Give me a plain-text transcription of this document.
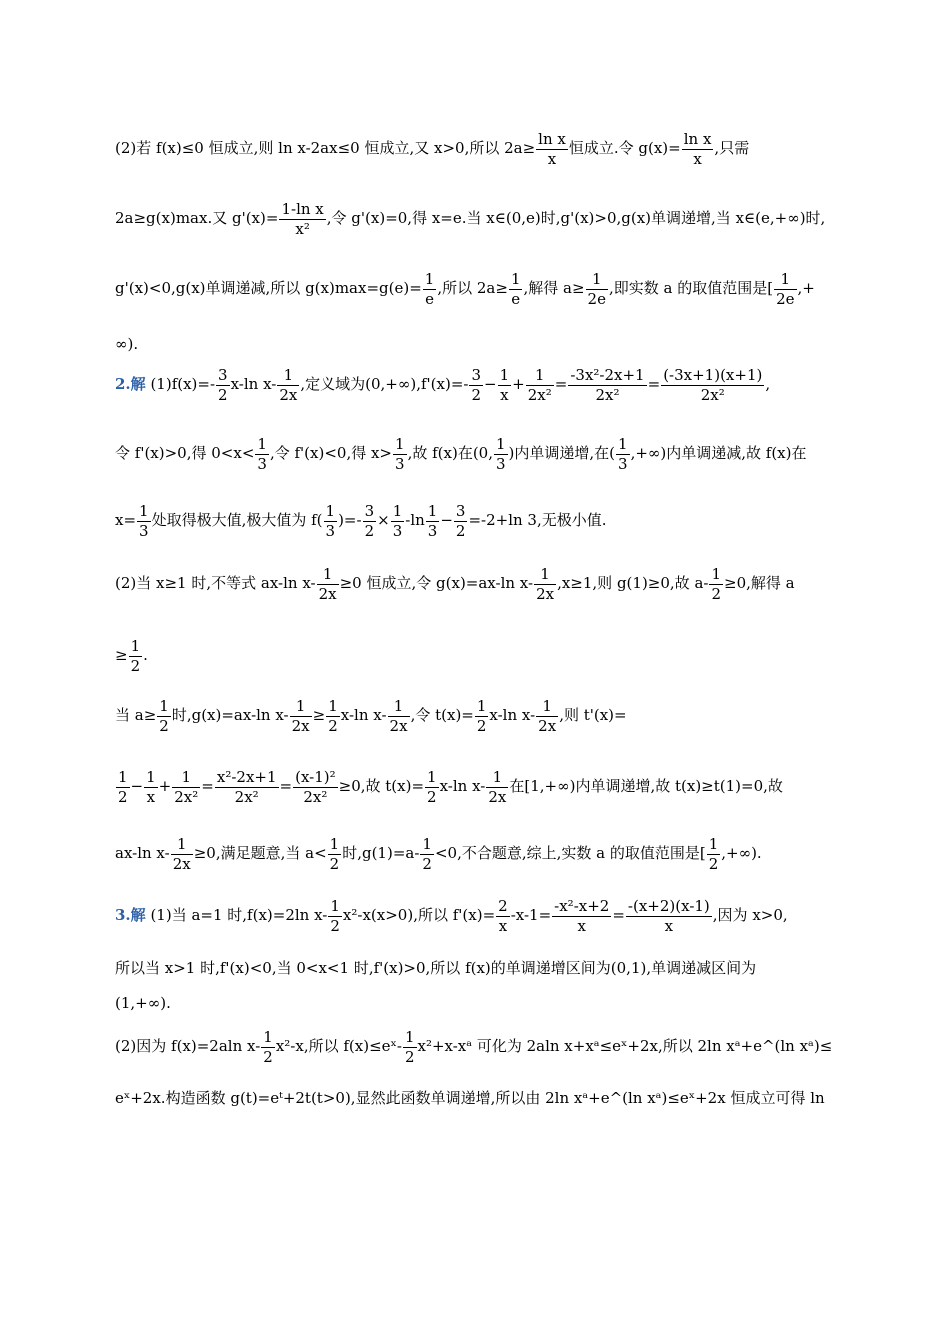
(2)若 f(x)≤0 恒成立,则 ln x-2ax≤0 恒成立,又 x>0,所以 $2a\ge \frac{\text{ln x}}{x}$ 恒成立.令 $g(x)= \frac{\text{ln x}}{x}$ ,只需
2a≥g(x)max.又 $g'(x)= \frac{\text{1-ln x}}{\text{x²}}$ ,令 g'(x)=0,得 x=e.当 x∈(0,e)时,g'(x)>0,g(x)单调递增,当 x∈(e,+∞)时,
g'(x)<0,g(x)单调递减,所以 $g(x)\max=g(e)= \frac{1}{e}$ ,所以 $2a\ge \frac{1}{e}$ ,解得 $a\ge \frac{1}{2e}$ ,即实数 a 的取值范围是[ $\frac{1}{2e}$ ,+
∞).
2.解 $(1)f(x)=- \frac{3}{2} x-\ln$ $x- \frac{1}{2x}$ ,定义域为$(0,+\infty),f'(x)=- \frac{3}{2} - \frac{1}{x} + \frac{1}{\text{2x²}} = \frac{\text{-3x²-2x+1}}{\text{2x²}} = \frac{(-3x+1)(x+1)}{\text{2x²}}$ ,
令 f'(x)>0,得 $0<x< \frac{1}{3}$ ,令 f'(x)<0,得 $x> \frac{1}{3}$ ,故 f(x)在(0, $\frac{1}{3}$ )内单调递增,在( $\frac{1}{3}$ ,+∞)内单调递减,故 f(x)在
$x= \frac{1}{3}$ 处取得极大值,极大值为 $f( \frac{1}{3}$ )=- $\frac{3}{2} \times \frac{1}{3} -\ln \frac{1}{3} - \frac{3}{2} =-2+\ln$ 3,无极小值.
(2)当 x≥1 时,不等式 ax-ln $x- \frac{1}{2x} \ge 0$ 恒成立,令 g(x)=ax-ln $x- \frac{1}{2x} ,x\ge 1$,则 g(1)≥0,故 $a- \frac{1}{2} \ge 0$,解得 a
≥ $\frac{1}{2}$ .
当 $a\ge \frac{1}{2}$ 时,g(x)=ax-ln $x- \frac{1}{2x} \ge \frac{1}{2} x-\ln$ $x- \frac{1}{2x}$ ,令 $t(x)= \frac{1}{2} x-\ln$ $x- \frac{1}{2x}$ ,则 t'(x)=
$\frac{1}{2} - \frac{1}{x} + \frac{1}{\text{2x²}} = \frac{\text{x²-2x+1}}{\text{2x²}} = \frac{\text{(x-1)²}}{\text{2x²}} \ge 0$,故 $t(x)= \frac{1}{2} x-\ln$ $x- \frac{1}{2x}$ 在[1,+∞)内单调递增,故 t(x)≥t(1)=0,故
ax-ln $x- \frac{1}{2x} \ge 0$,满足题意,当 $a< \frac{1}{2}$ 时$,g(1)=a- \frac{1}{2} <0$,不合题意,综上,实数 a 的取值范围是[ $\frac{1}{2}$ ,+∞).
3.解 (1)当 a=1 时,f(x)=2ln $x- \frac{1}{2} x^2-x(x>0)$,所以 $f'(x)= \frac{2}{x} -x-1= \frac{\text{-x²-x+2}}{x} = \frac{-(x+2)(x-1)}{x}$ ,因为 x>0,
所以当 x>1 时,f'(x)<0,当 0<x<1 时,f'(x)>0,所以 f(x)的单调递增区间为(0,1),单调递减区间为
(1,+∞).
(2)因为 f(x)=2aln $x- \frac{1}{2} x^2-x$,所以 f(x)≤eˣ- $\frac{1}{2}$ x²+x-xᵃ 可化为 2aln x+xᵃ≤eˣ+2x,所以 2ln xᵃ+e^(ln xᵃ)≤
eˣ+2x.构造函数 g(t)=eᵗ+2t(t>0),显然此函数单调递增,所以由 2ln xᵃ+e^(ln xᵃ)≤eˣ+2x 恒成立可得 ln
